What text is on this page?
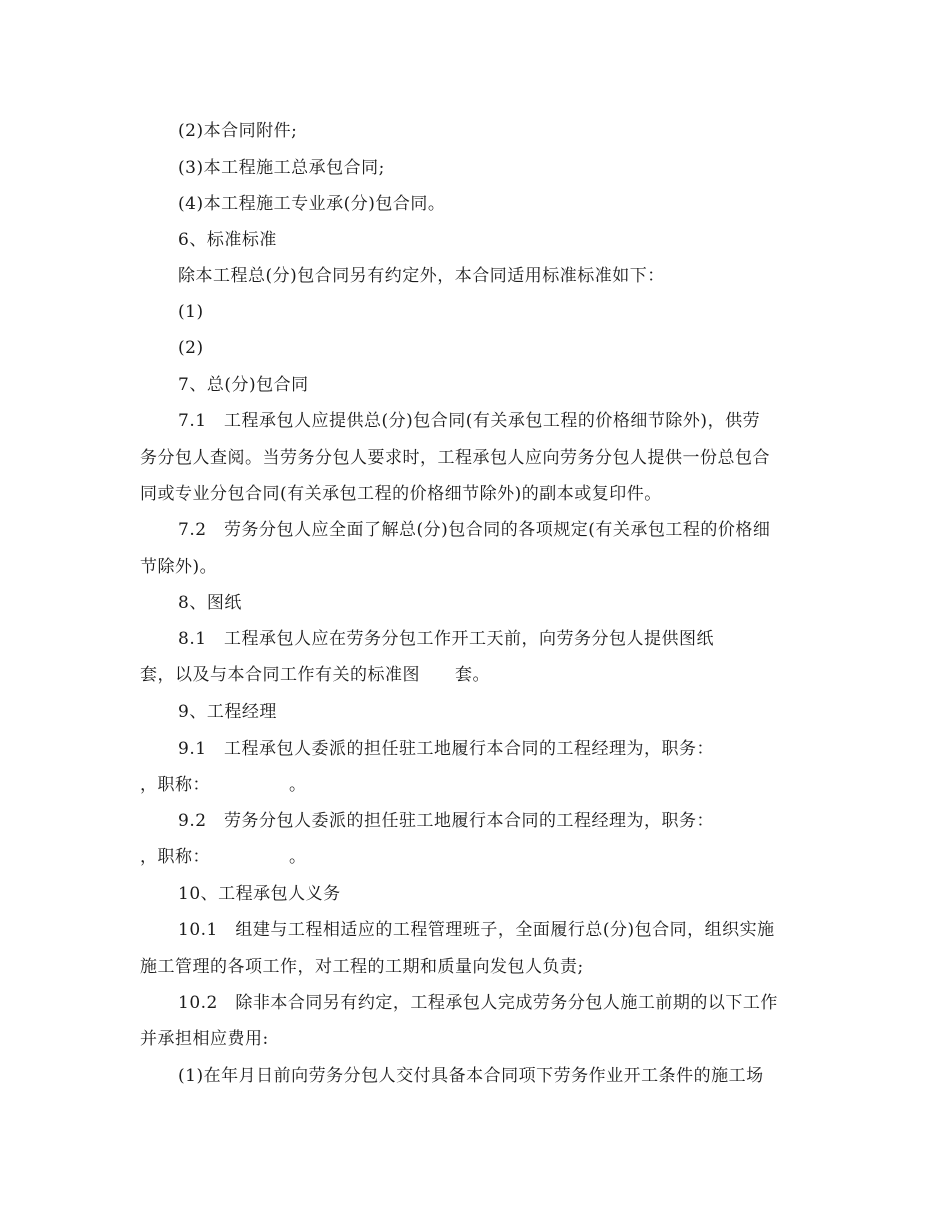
(2)本合同附件;
(3)本工程施工总承包合同;
(4)本工程施工专业承(分)包合同。
6、标准标准
除本工程总(分)包合同另有约定外，本合同适用标准标准如下：
(1)
(2)
7、总(分)包合同
7.1　工程承包人应提供总(分)包合同(有关承包工程的价格细节除外)，供劳
务分包人查阅。当劳务分包人要求时，工程承包人应向劳务分包人提供一份总包合
同或专业分包合同(有关承包工程的价格细节除外)的副本或复印件。
7.2　劳务分包人应全面了解总(分)包合同的各项规定(有关承包工程的价格细
节除外)。
8、图纸
8.1　工程承包人应在劳务分包工作开工天前，向劳务分包人提供图纸
套，以及与本合同工作有关的标准图　　套。
9、工程经理
9.1　工程承包人委派的担任驻工地履行本合同的工程经理为，职务：
，职称：　　　　　。
9.2　劳务分包人委派的担任驻工地履行本合同的工程经理为，职务：
，职称：　　　　　。
10、工程承包人义务
10.1　组建与工程相适应的工程管理班子，全面履行总(分)包合同，组织实施
施工管理的各项工作，对工程的工期和质量向发包人负责;
10.2　除非本合同另有约定，工程承包人完成劳务分包人施工前期的以下工作
并承担相应费用:
(1)在年月日前向劳务分包人交付具备本合同项下劳务作业开工条件的施工场
